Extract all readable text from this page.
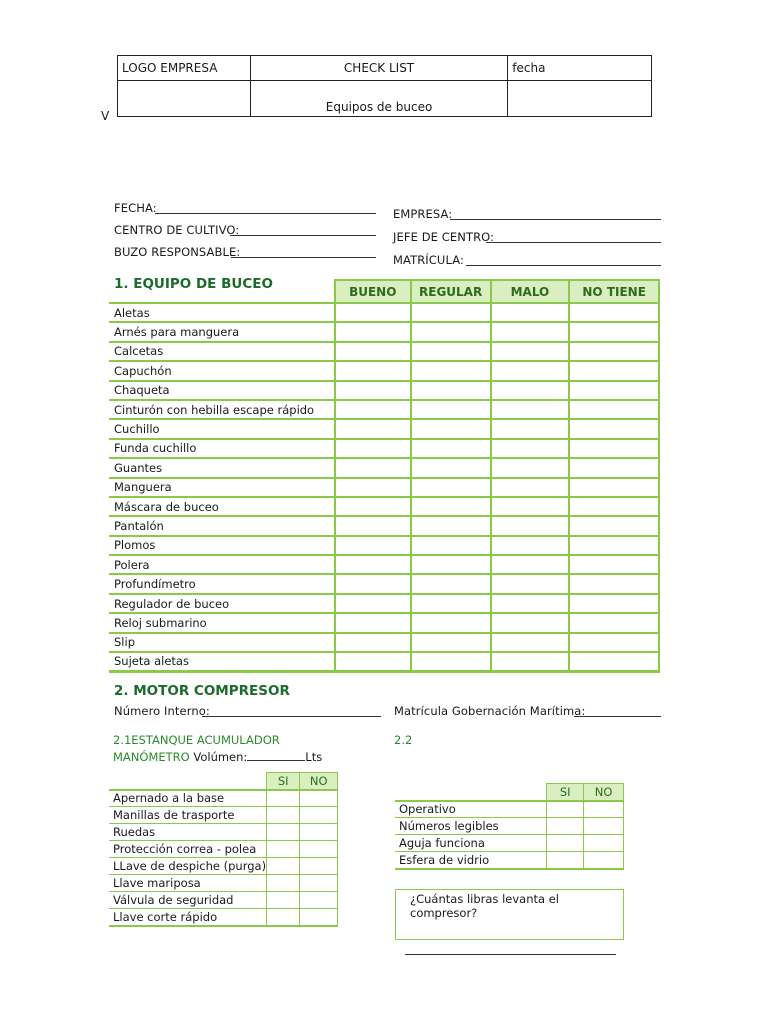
LOGO EMPRESA	CHECK LIST	fecha
	Equipos de buceo	
V
FECHA:
CENTRO DE CULTIVO:
BUZO RESPONSABLE:
EMPRESA:
JEFE DE CENTRO:
MATRÍCULA:
1. EQUIPO DE BUCEO
		BUENO	REGULAR	MALO	NO TIENE
Aletas				
Arnés para manguera				
Calcetas				
Capuchón				
Chaqueta				
Cinturón con hebilla escape rápido				
Cuchillo				
Funda cuchillo				
Guantes				
Manguera				
Máscara de buceo				
Pantalón				
Plomos				
Polera				
Profundímetro				
Regulador de buceo				
Reloj submarino				
Slip				
Sujeta aletas				
2. MOTOR COMPRESOR
Número Interno:	Matrícula Gobernación Marítima:
2.1ESTANQUE ACUMULADOR
MANÓMETRO Volúmen:	Lts
2.2
	SI	NO
Apernado a la base		
Manillas de trasporte		
Ruedas		
Protección correa - polea		
LLave de despiche (purga)		
Llave mariposa		
Válvula de seguridad		
Llave corte rápido		
	SI	NO
Operativo		
Números legibles		
Aguja funciona		
Esfera de vidrio		
¿Cuántas libras levanta el compresor?
